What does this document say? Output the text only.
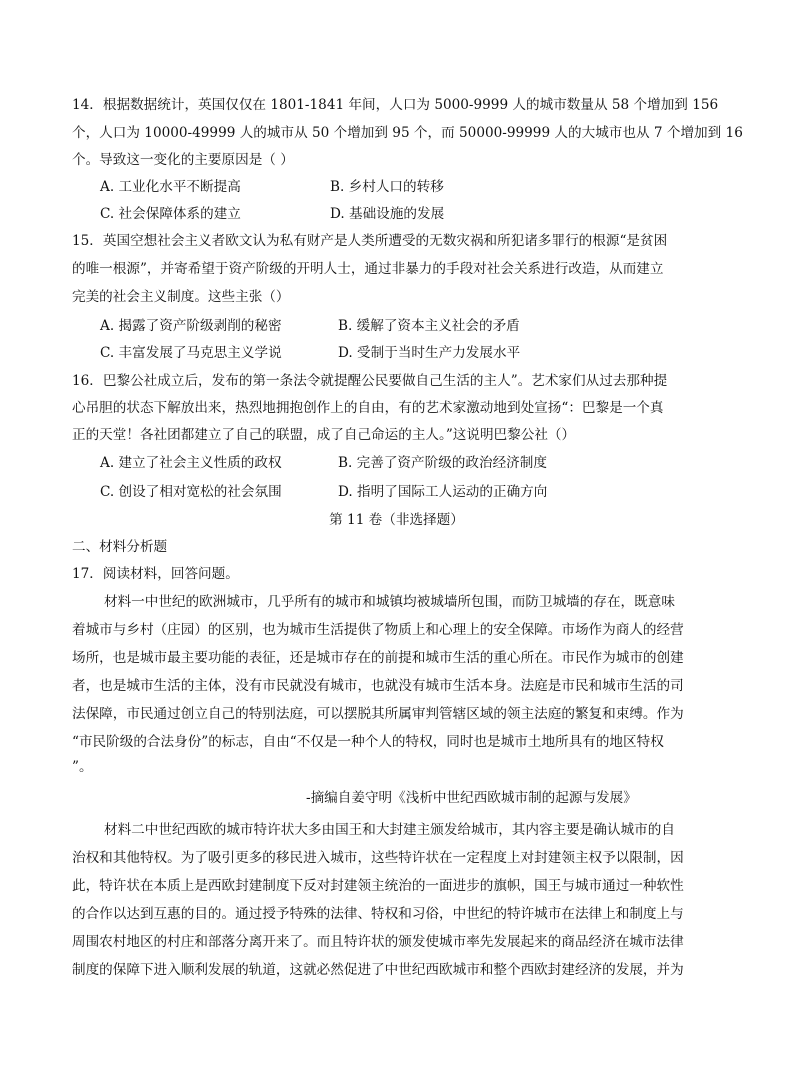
14．根据数据统计，英国仅仅在 1801-1841 年间，人口为 5000-9999 人的城市数量从 58 个增加到 156
个，人口为 10000-49999 人的城市从 50 个增加到 95 个，而 50000-99999 人的大城市也从 7 个增加到 16
个。导致这一变化的主要原因是（ ）
A. 工业化水平不断提高	B. 乡村人口的转移
C. 社会保障体系的建立	D. 基础设施的发展
15．英国空想社会主义者欧文认为私有财产是人类所遭受的无数灾祸和所犯诸多罪行的根源“是贫困
的唯一根源”，并寄希望于资产阶级的开明人士，通过非暴力的手段对社会关系进行改造，从而建立
完美的社会主义制度。这些主张（）
A. 揭露了资产阶级剥削的秘密	B. 缓解了资本主义社会的矛盾
C. 丰富发展了马克思主义学说	D. 受制于当时生产力发展水平
16．巴黎公社成立后，发布的第一条法令就提醒公民要做自己生活的主人”。艺术家们从过去那种提
心吊胆的状态下解放出来，热烈地拥抱创作上的自由，有的艺术家激动地到处宣扬“：巴黎是一个真
正的天堂！各社团都建立了自己的联盟，成了自己命运的主人。”这说明巴黎公社（）
A. 建立了社会主义性质的政权	B. 完善了资产阶级的政治经济制度
C. 创设了相对宽松的社会氛围	D. 指明了国际工人运动的正确方向
第 11 卷（非选择题）
二、材料分析题
17．阅读材料，回答问题。
材料一中世纪的欧洲城市，几乎所有的城市和城镇均被城墙所包围，而防卫城墙的存在，既意味
着城市与乡村（庄园）的区别，也为城市生活提供了物质上和心理上的安全保障。市场作为商人的经营
场所，也是城市最主要功能的表征，还是城市存在的前提和城市生活的重心所在。市民作为城市的创建
者，也是城市生活的主体，没有市民就没有城市，也就没有城市生活本身。法庭是市民和城市生活的司
法保障，市民通过创立自己的特别法庭，可以摆脱其所属审判管辖区域的领主法庭的繁复和束缚。作为
“市民阶级的合法身份”的标志，自由“不仅是一种个人的特权，同时也是城市土地所具有的地区特权
”。
-摘编自姜守明《浅析中世纪西欧城市制的起源与发展》
材料二中世纪西欧的城市特许状大多由国王和大封建主颁发给城市，其内容主要是确认城市的自
治权和其他特权。为了吸引更多的移民进入城市，这些特许状在一定程度上对封建领主权予以限制，因
此，特许状在本质上是西欧封建制度下反对封建领主统治的一面进步的旗帜，国王与城市通过一种软性
的合作以达到互惠的目的。通过授予特殊的法律、特权和习俗，中世纪的特许城市在法律上和制度上与
周围农村地区的村庄和部落分离开来了。而且特许状的颁发使城市率先发展起来的商品经济在城市法律
制度的保障下进入顺利发展的轨道，这就必然促进了中世纪西欧城市和整个西欧封建经济的发展，并为
